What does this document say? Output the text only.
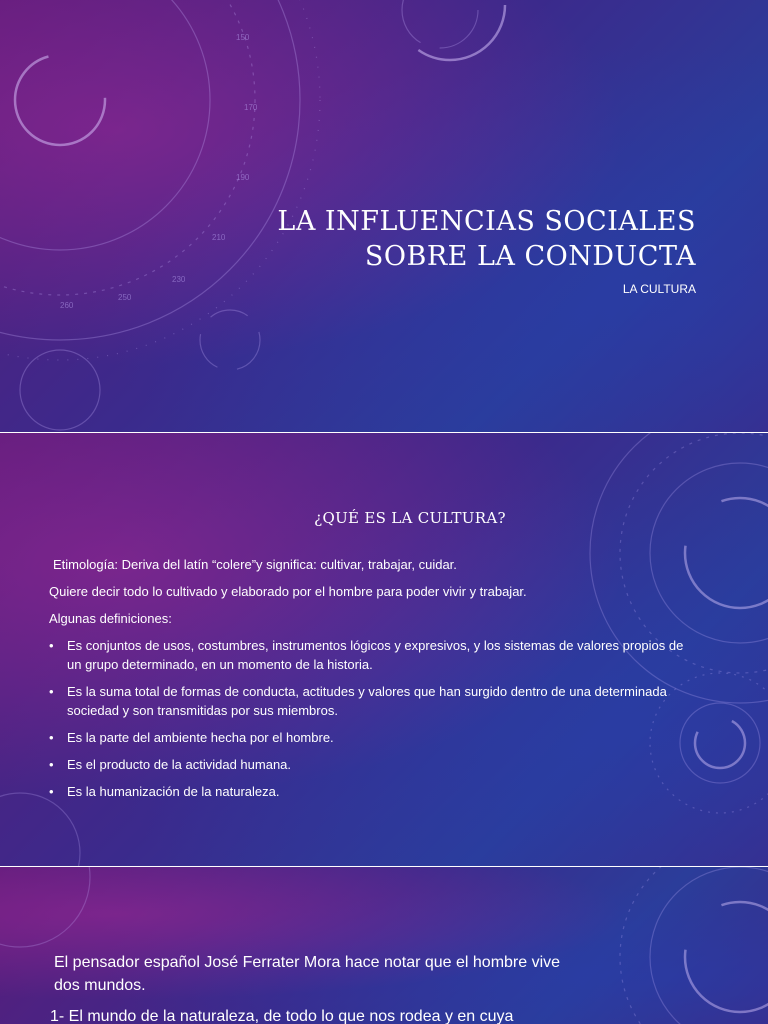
150
170
190
210
230
250
260
LA INFLUENCIAS SOCIALES
SOBRE LA CONDUCTA
LA CULTURA
¿QUÉ ES LA CULTURA?

Etimología: Deriva del latín “colere”y significa: cultivar, trabajar, cuidar.

Quiere decir todo lo cultivado y elaborado por el hombre para poder vivir y trabajar.

Algunas definiciones:

• Es conjuntos de usos, costumbres, instrumentos lógicos y expresivos, y los sistemas de valores propios de un grupo determinado, en un momento de la historia.
• Es la suma total de formas de conducta, actitudes y valores que han surgido dentro de una determinada sociedad y son transmitidas por sus miembros.
• Es la parte del ambiente hecha por el hombre.
• Es el producto de la actividad humana.
• Es la humanización de la naturaleza.

El pensador español José Ferrater Mora hace notar que el hombre vive dos mundos.

1- El mundo de la naturaleza, de todo lo que nos rodea y en cuya
